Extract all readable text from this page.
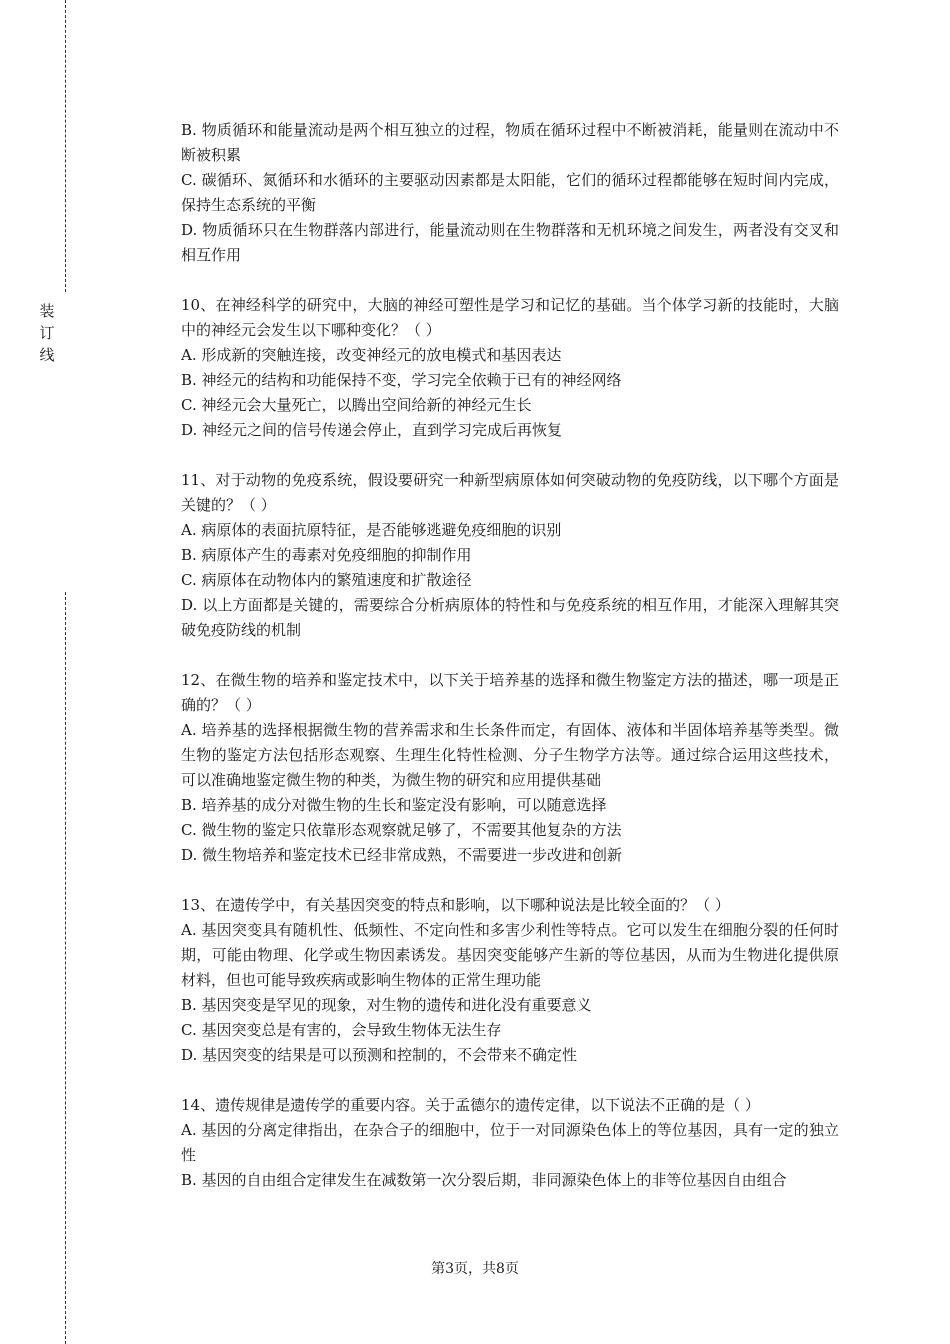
装订线
B. 物质循环和能量流动是两个相互独立的过程，物质在循环过程中不断被消耗，能量则在流动中不断被积累
C. 碳循环、氮循环和水循环的主要驱动因素都是太阳能，它们的循环过程都能够在短时间内完成，保持生态系统的平衡
D. 物质循环只在生物群落内部进行，能量流动则在生物群落和无机环境之间发生，两者没有交叉和相互作用
10、在神经科学的研究中，大脑的神经可塑性是学习和记忆的基础。当个体学习新的技能时，大脑中的神经元会发生以下哪种变化？（ ）
A. 形成新的突触连接，改变神经元的放电模式和基因表达
B. 神经元的结构和功能保持不变，学习完全依赖于已有的神经网络
C. 神经元会大量死亡，以腾出空间给新的神经元生长
D. 神经元之间的信号传递会停止，直到学习完成后再恢复
11、对于动物的免疫系统，假设要研究一种新型病原体如何突破动物的免疫防线，以下哪个方面是关键的？（ ）
A. 病原体的表面抗原特征，是否能够逃避免疫细胞的识别
B. 病原体产生的毒素对免疫细胞的抑制作用
C. 病原体在动物体内的繁殖速度和扩散途径
D. 以上方面都是关键的，需要综合分析病原体的特性和与免疫系统的相互作用，才能深入理解其突破免疫防线的机制
12、在微生物的培养和鉴定技术中，以下关于培养基的选择和微生物鉴定方法的描述，哪一项是正确的？（ ）
A. 培养基的选择根据微生物的营养需求和生长条件而定，有固体、液体和半固体培养基等类型。微生物的鉴定方法包括形态观察、生理生化特性检测、分子生物学方法等。通过综合运用这些技术，可以准确地鉴定微生物的种类，为微生物的研究和应用提供基础
B. 培养基的成分对微生物的生长和鉴定没有影响，可以随意选择
C. 微生物的鉴定只依靠形态观察就足够了，不需要其他复杂的方法
D. 微生物培养和鉴定技术已经非常成熟，不需要进一步改进和创新
13、在遗传学中，有关基因突变的特点和影响，以下哪种说法是比较全面的？（ ）
A. 基因突变具有随机性、低频性、不定向性和多害少利性等特点。它可以发生在细胞分裂的任何时期，可能由物理、化学或生物因素诱发。基因突变能够产生新的等位基因，从而为生物进化提供原材料，但也可能导致疾病或影响生物体的正常生理功能
B. 基因突变是罕见的现象，对生物的遗传和进化没有重要意义
C. 基因突变总是有害的，会导致生物体无法生存
D. 基因突变的结果是可以预测和控制的，不会带来不确定性
14、遗传规律是遗传学的重要内容。关于孟德尔的遗传定律，以下说法不正确的是（ ）
A. 基因的分离定律指出，在杂合子的细胞中，位于一对同源染色体上的等位基因，具有一定的独立性
B. 基因的自由组合定律发生在减数第一次分裂后期，非同源染色体上的非等位基因自由组合
第3页，共8页
